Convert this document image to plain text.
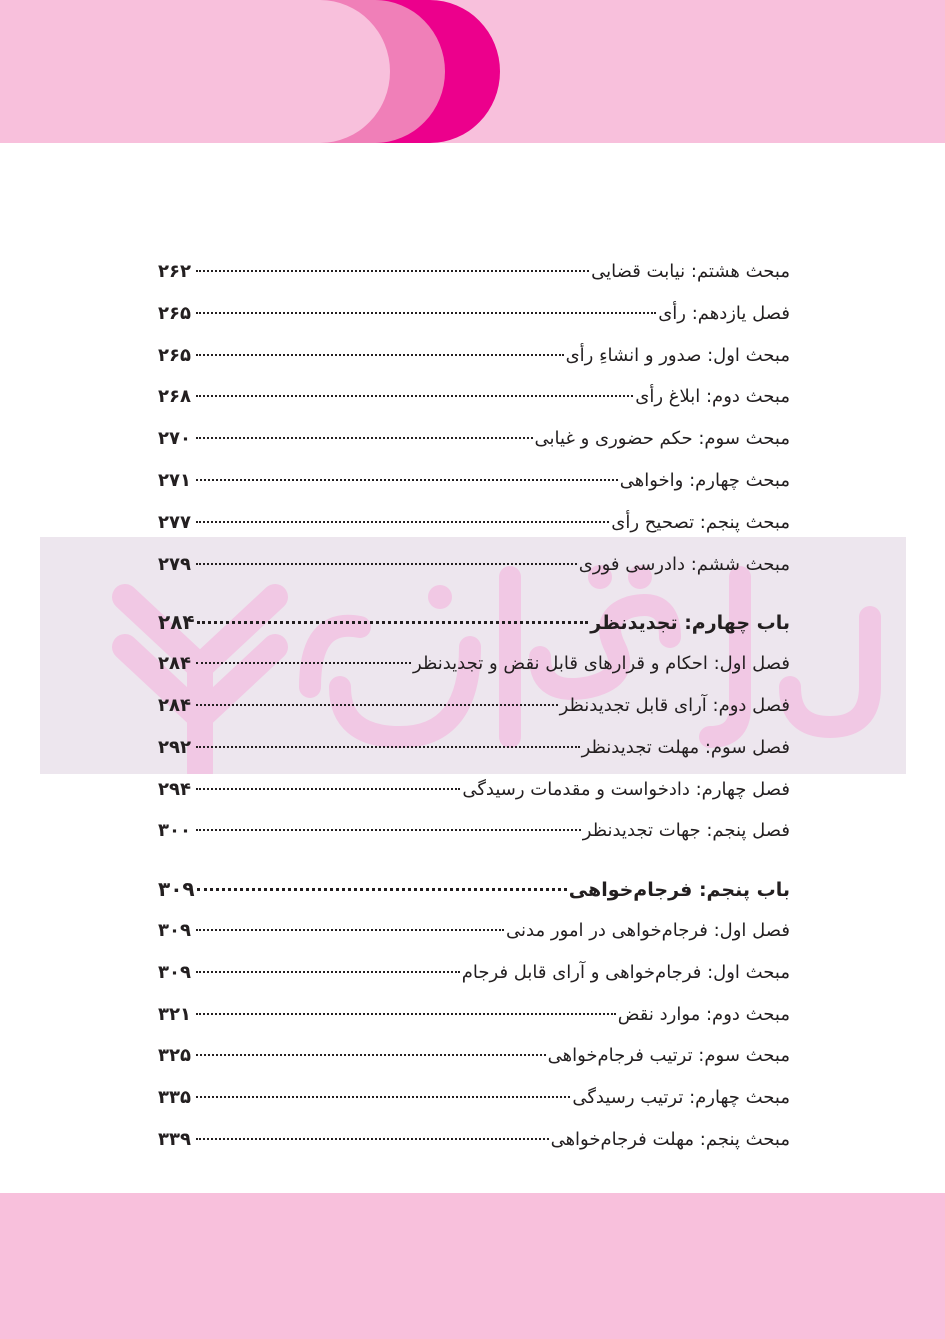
مبحث هشتم: نیابت قضایی
۲۶۲
فصل یازدهم: رأی
۲۶۵
مبحث اول: صدور و انشاءِ رأی
۲۶۵
مبحث دوم: ابلاغ رأی
۲۶۸
مبحث سوم: حکم حضوری و غیابی
۲۷۰
مبحث چهارم: واخواهی
۲۷۱
مبحث پنجم: تصحیح رأی
۲۷۷
مبحث ششم: دادرسی فوری
۲۷۹
باب چهارم: تجدیدنظر
۲۸۴
فصل اول: احکام و قرارهای قابل نقض و تجدیدنظر
۲۸۴
فصل دوم: آرای قابل تجدیدنظر
۲۸۴
فصل سوم: مهلت تجدیدنظر
۲۹۲
فصل چهارم: دادخواست و مقدمات رسیدگی
۲۹۴
فصل پنجم: جهات تجدیدنظر
۳۰۰
باب پنجم: فرجام‌خواهی
۳۰۹
فصل اول: فرجام‌خواهی در امور مدنی
۳۰۹
مبحث اول: فرجام‌خواهی و آرای قابل فرجام
۳۰۹
مبحث دوم: موارد نقض
۳۲۱
مبحث سوم: ترتیب فرجام‌خواهی
۳۲۵
مبحث چهارم: ترتیب رسیدگی
۳۳۵
مبحث پنجم: مهلت فرجام‌خواهی
۳۳۹
